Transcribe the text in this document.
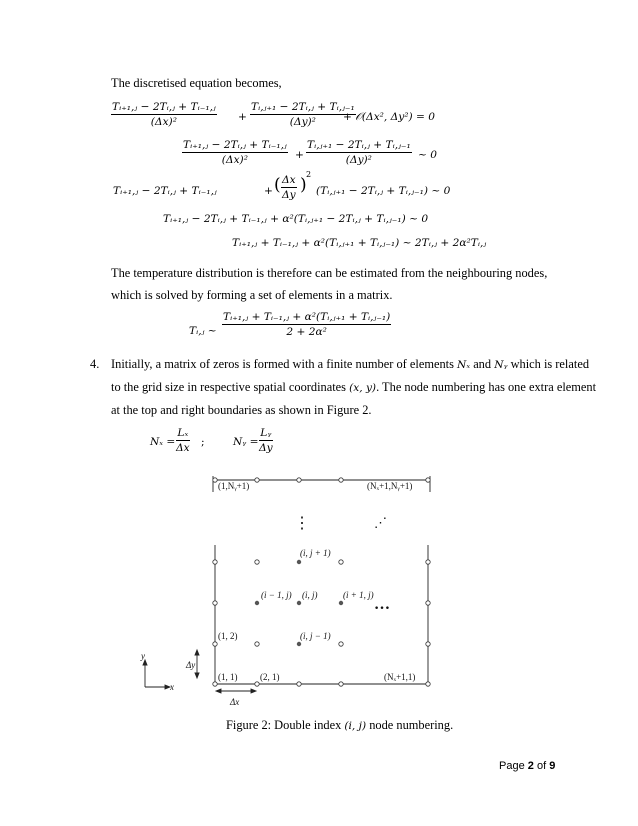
The discretised equation becomes,
$\frac{\text{Tᵢ₊₁,ⱼ − 2Tᵢ,ⱼ + Tᵢ₋₁,ⱼ}}{\text{(Δx)²}} + \frac{\text{Tᵢ,ⱼ₊₁ − 2Tᵢ,ⱼ + Tᵢ,ⱼ₋₁}}{\text{(Δy)²}}$
+ 𝒪(Δx², Δy²) = 0
$\frac{\text{Tᵢ₊₁,ⱼ − 2Tᵢ,ⱼ + Tᵢ₋₁,ⱼ}}{\text{(Δx)²}} + \frac{\text{Tᵢ,ⱼ₊₁ − 2Tᵢ,ⱼ + Tᵢ,ⱼ₋₁}}{\text{(Δy)²}}$ ~ 0
Tᵢ₊₁,ⱼ − 2Tᵢ,ⱼ + Tᵢ₋₁,ⱼ	+ ( $\frac{\Delta x}{\Delta y}$ )
2
(Tᵢ,ⱼ₊₁ − 2Tᵢ,ⱼ + Tᵢ,ⱼ₋₁) ~ 0
Tᵢ₊₁,ⱼ − 2Tᵢ,ⱼ + Tᵢ₋₁,ⱼ + α²(Tᵢ,ⱼ₊₁ − 2Tᵢ,ⱼ + Tᵢ,ⱼ₋₁) ~ 0
Tᵢ₊₁,ⱼ + Tᵢ₋₁,ⱼ + α²(Tᵢ,ⱼ₊₁ + Tᵢ,ⱼ₋₁) ~ 2Tᵢ,ⱼ + 2α²Tᵢ,ⱼ
The temperature distribution is therefore can be estimated from the neighbouring nodes, which is solved by forming a set of elements in a matrix.
Tᵢ,ⱼ ~ $\frac{\text{Tᵢ₊₁,ⱼ + Tᵢ₋₁,ⱼ + α²(Tᵢ,ⱼ₊₁ + Tᵢ,ⱼ₋₁)}}{\text{2 + 2α²}}$
4. Initially, a matrix of zeros is formed with a finite number of elements Nₓ and Nᵧ which is related
to the grid size in respective spatial coordinates (x, y). The node numbering has one extra element
at the top and right boundaries as shown in Figure 2.
$N_x = \frac{\text{Lₓ}}{\Delta x}$ ;	Nᵧ = $\frac{\text{Lᵧ}}{\Delta y}$
(1,Nᵧ+1)	(Nₓ+1,Nᵧ+1)
(i, j + 1)
(i − 1, j) (i, j)	(i + 1, j)
(i, j − 1)
(1, 2)
(1, 1)	(2, 1)	(Nₓ+1,1)
Δy
Δx
y
x
⋮	⋰
…
Figure 2: Double index (i, j) node numbering.
Page 2 of 9
